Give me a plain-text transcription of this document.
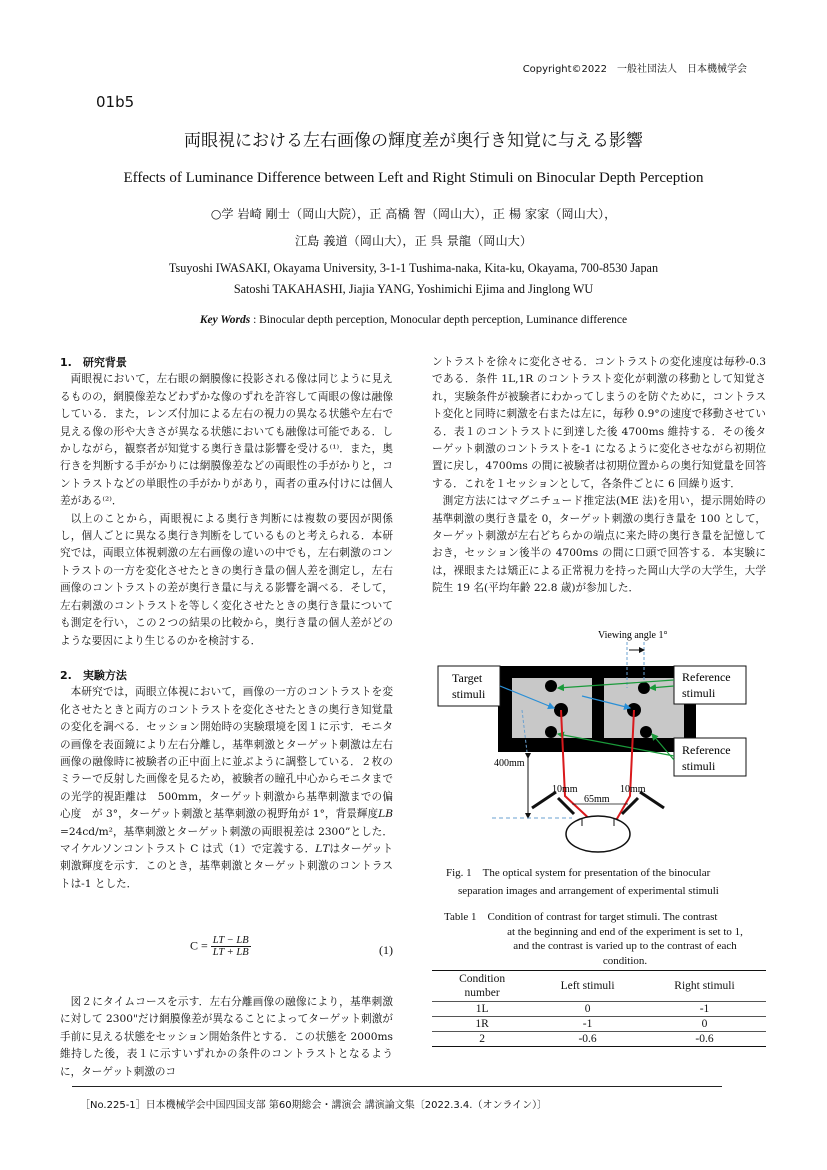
Copyright©2022　一般社団法人　日本機械学会
01b5
両眼視における左右画像の輝度差が奥行き知覚に与える影響
Effects of Luminance Difference between Left and Right Stimuli on Binocular Depth Perception
○学 岩崎 剛士（岡山大院），正 高橋 智（岡山大），正 楊 家家（岡山大），
江島 義道（岡山大），正 呉 景龍（岡山大）
Tsuyoshi IWASAKI, Okayama University, 3-1-1 Tushima-naka, Kita-ku, Okayama, 700-8530 Japan
Satoshi TAKAHASHI, Jiajia YANG, Yoshimichi Ejima and Jinglong WU
Key Words : Binocular depth perception, Monocular depth perception, Luminance difference
1.　研究背景

両眼視において，左右眼の網膜像に投影される像は同じように見えるものの，網膜像差などわずかな像のずれを許容して両眼の像は融像している．また，レンズ付加による左右の視力の異なる状態や左右で見える像の形や大きさが異なる状態においても融像は可能である．しかしながら，観察者が知覚する奥行き量は影響を受ける⁽¹⁾．また，奥行きを判断する手がかりには網膜像差などの両眼性の手がかりと，コントラストなどの単眼性の手がかりがあり，両者の重み付けには個人差がある⁽²⁾．

以上のことから，両眼視による奥行き判断には複数の要因が関係し，個人ごとに異なる奥行き判断をしているものと考えられる．本研究では，両眼立体視刺激の左右画像の違いの中でも，左右刺激のコントラストの一方を変化させたときの奥行き量の個人差を測定し，左右画像のコントラストの差が奥行き量に与える影響を調べる．そして，左右刺激のコントラストを等しく変化させたときの奥行き量についても測定を行い，この２つの結果の比較から，奥行き量の個人差がどのような要因により生じるのかを検討する．

2.　実験方法

本研究では，両眼立体視において，画像の一方のコントラストを変化させたときと両方のコントラストを変化させたときの奥行き知覚量の変化を調べる．セッション開始時の実験環境を図１に示す．モニタの画像を表面鏡により左右分離し，基準刺激とターゲット刺激は左右画像の融像時に被験者の正中面上に並ぶように調整している．２枚のミラーで反射した画像を見るため，被験者の瞳孔中心からモニタまでの光学的視距離は　500mm，ターゲット刺激から基準刺激までの偏心度　が 3°，ターゲット刺激と基準刺激の視野角が 1°，背景輝度𝐿𝐵 =24cd/m²，基準刺激とターゲット刺激の両眼視差は 2300”とした．マイケルソンコントラスト C は式（1）で定義する．𝐿𝑇はターゲット刺激輝度を示す．このとき，基準刺激とターゲット刺激のコントラストは-1 とした．

$C = \frac{LT - LB}{LT + LB}$	(1)

図２にタイムコースを示す．左右分離画像の融像により，基準刺激に対して 2300"だけ網膜像差が異なることによってターゲット刺激が手前に見える状態をセッション開始条件とする．この状態を 2000ms 維持した後，表１に示すいずれかの条件のコントラストとなるように，ターゲット刺激のコ

ントラストを徐々に変化させる．コントラストの変化速度は毎秒-0.3 である．条件 1L,1R のコントラスト変化が刺激の移動として知覚され，実験条件が被験者にわかってしまうのを防ぐために，コントラスト変化と同時に刺激を右または左に，毎秒 0.9°の速度で移動させている．表１のコントラストに到達した後 4700ms 維持する．その後ターゲット刺激のコントラストを-1 になるように変化させながら初期位置に戻し，4700ms の間に被験者は初期位置からの奥行知覚量を回答する．これを１セッションとして，各条件ごとに 6 回繰り返す．

測定方法にはマグニチュード推定法(ME 法)を用い，提示開始時の基準刺激の奥行き量を 0，ターゲット刺激の奥行き量を 100 として，ターゲット刺激が左右どちらかの端点に来た時の奥行き量を記憶しておき，セッション後半の 4700ms の間に口頭で回答する．本実験には，裸眼または矯正による正常視力を持った岡山大学の大学生，大学院生 19 名(平均年齢 22.8 歳)が参加した．

Viewing angle 1°
Target stimuli
Reference stimuli
Reference stimuli
400mm
10mm
65mm
10mm
Fig. 1　The optical system for presentation of the binocular
separation images and arrangement of experimental stimuli
Table 1　Condition of contrast for target stimuli. The contrast
at the beginning and end of the experiment is set to 1,
and the contrast is varied up to the contrast of each
condition.
Condition
number	Left stimuli	Right stimuli
1L	0	-1
1R	-1	0
2	-0.6	-0.6
［No.225-1］日本機械学会中国四国支部 第60期総会・講演会 講演論文集〔2022.3.4.（オンライン）〕
